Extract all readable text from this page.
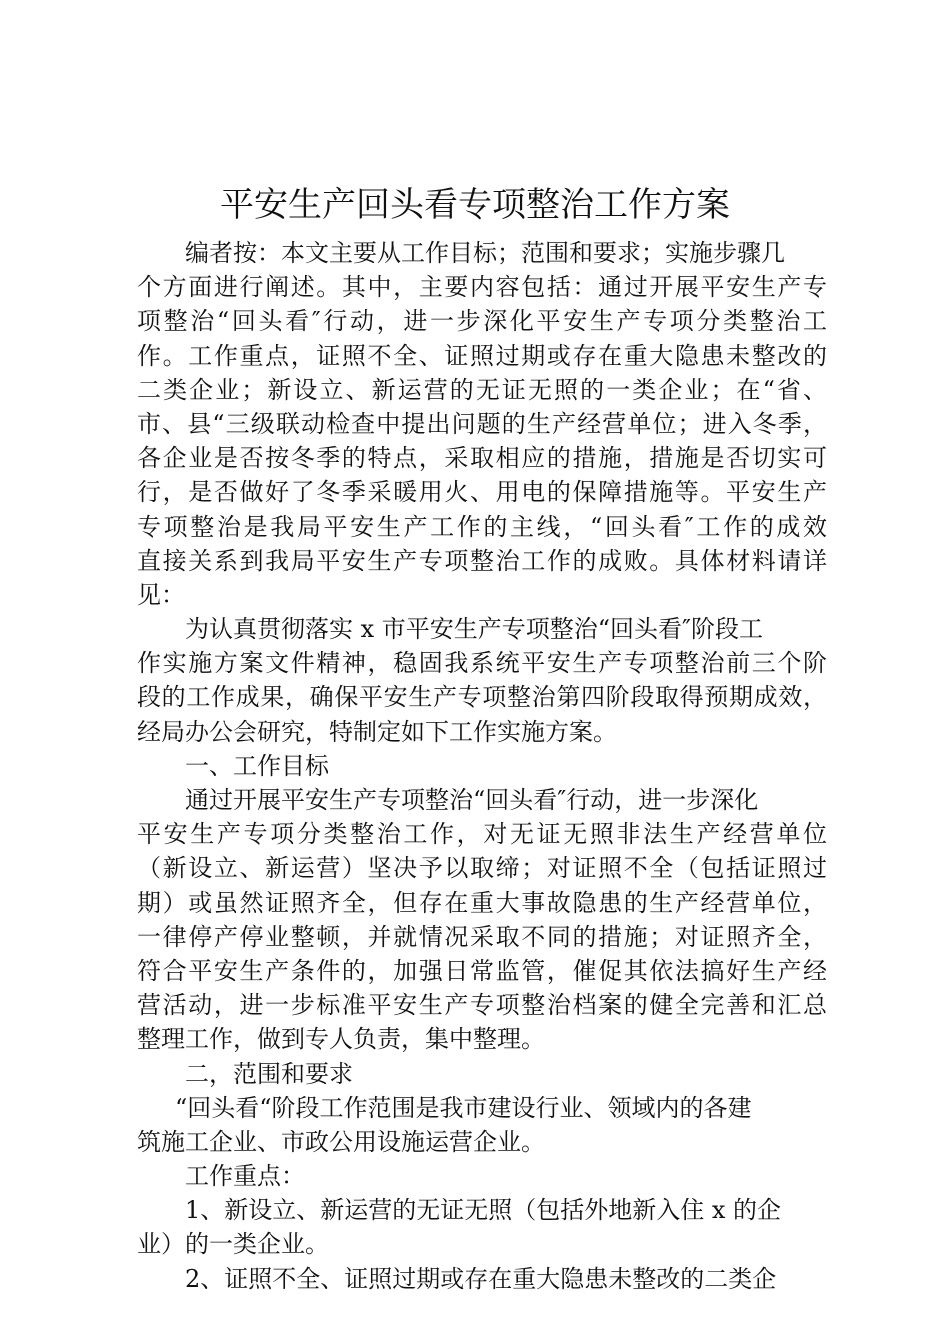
平安生产回头看专项整治工作方案
编者按：本文主要从工作目标；范围和要求；实施步骤几
个方面进行阐述。其中，主要内容包括：通过开展平安生产专
项整治“回头看″行动，进一步深化平安生产专项分类整治工
作。工作重点，证照不全、证照过期或存在重大隐患未整改的
二类企业；新设立、新运营的无证无照的一类企业；在“省、
市、县“三级联动检查中提出问题的生产经营单位；进入冬季，
各企业是否按冬季的特点，采取相应的措施，措施是否切实可
行，是否做好了冬季采暖用火、用电的保障措施等。平安生产
专项整治是我局平安生产工作的主线，“回头看″工作的成效
直接关系到我局平安生产专项整治工作的成败。具体材料请详
见：
为认真贯彻落实 x 市平安生产专项整治“回头看″阶段工
作实施方案文件精神，稳固我系统平安生产专项整治前三个阶
段的工作成果，确保平安生产专项整治第四阶段取得预期成效，
经局办公会研究，特制定如下工作实施方案。
一、工作目标
通过开展平安生产专项整治“回头看″行动，进一步深化
平安生产专项分类整治工作，对无证无照非法生产经营单位
（新设立、新运营）坚决予以取缔；对证照不全（包括证照过
期）或虽然证照齐全，但存在重大事故隐患的生产经营单位，
一律停产停业整顿，并就情况采取不同的措施；对证照齐全，
符合平安生产条件的，加强日常监管，催促其依法搞好生产经
营活动，进一步标准平安生产专项整治档案的健全完善和汇总
整理工作，做到专人负责，集中整理。
二，范围和要求
“回头看“阶段工作范围是我市建设行业、领域内的各建
筑施工企业、市政公用设施运营企业。
工作重点：
1、新设立、新运营的无证无照（包括外地新入住 x 的企
业）的一类企业。
2、证照不全、证照过期或存在重大隐患未整改的二类企
